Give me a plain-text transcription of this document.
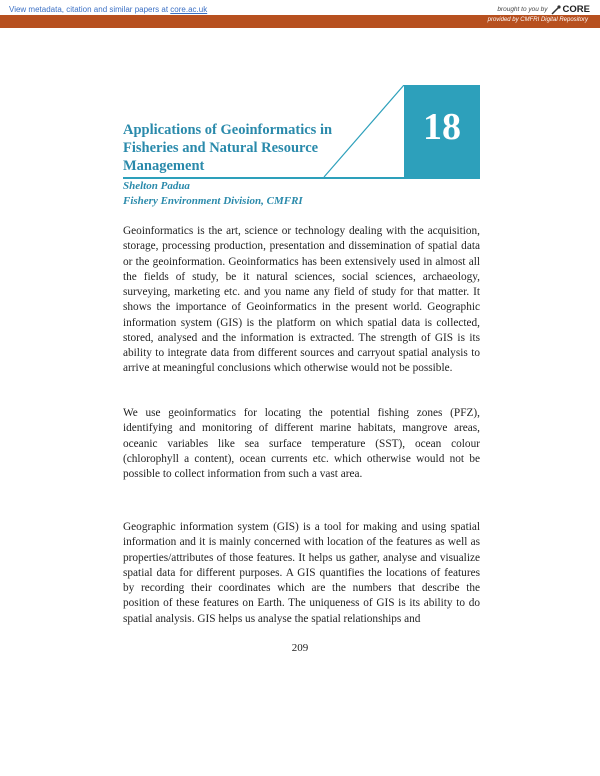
View metadata, citation and similar papers at core.ac.uk	brought to you by CORE
provided by CMFRI Digital Repository
18
Applications of Geoinformatics in Fisheries and Natural Resource Management
Shelton Padua
Fishery Environment Division, CMFRI

Geoinformatics is the art, science or technology dealing with the acquisition, storage, processing production, presentation and dissemination of spatial data or the geoinformation. Geoinformatics has been extensively used in almost all the fields of study, be it natural sciences, social sciences, archaeology, surveying, marketing etc. and you name any field of study for that matter. It shows the importance of Geoinformatics in the present world. Geographic information system (GIS) is the platform on which spatial data is collected, stored, analysed and the information is extracted. The strength of GIS is its ability to integrate data from different sources and carryout spatial analysis to arrive at meaningful conclusions which otherwise would not be possible.

We use geoinformatics for locating the potential fishing zones (PFZ), identifying and monitoring of different marine habitats, mangrove areas, oceanic variables like sea surface temperature (SST), ocean colour (chlorophyll a content), ocean currents etc. which otherwise would not be possible to collect information from such a vast area.

Geographic information system (GIS) is a tool for making and using spatial information and it is mainly concerned with location of the features as well as properties/attributes of those features. It helps us gather, analyse and visualize spatial data for different purposes. A GIS quantifies the locations of features by recording their coordinates which are the numbers that describe the position of these features on Earth. The uniqueness of GIS is its ability to do spatial analysis. GIS helps us analyse the spatial relationships and

209
